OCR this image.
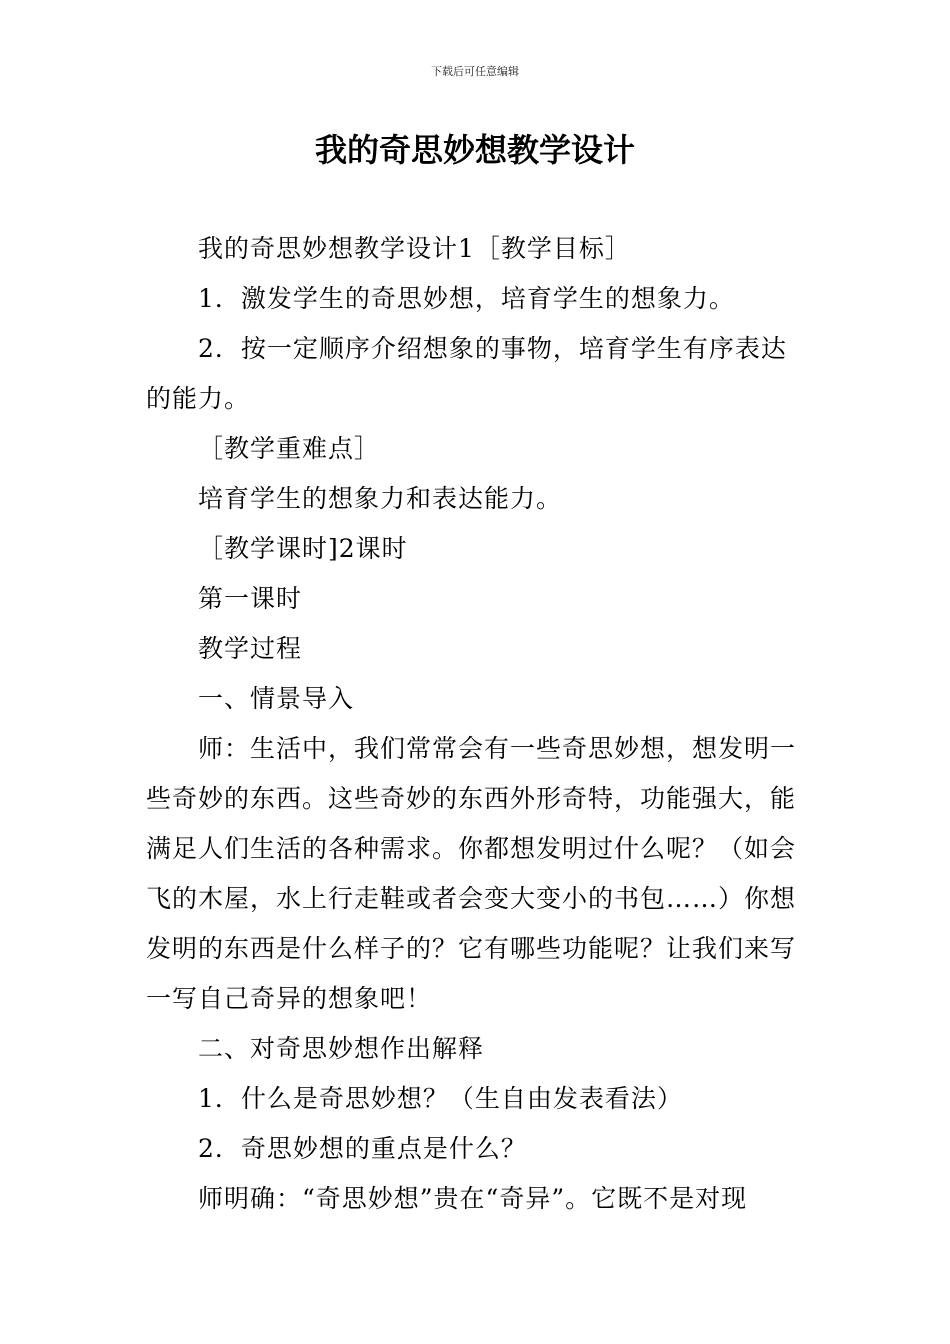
下载后可任意编辑
我的奇思妙想教学设计

我的奇思妙想教学设计1［教学目标］

1．激发学生的奇思妙想，培育学生的想象力。

2．按一定顺序介绍想象的事物，培育学生有序表达的能力。

［教学重难点］

培育学生的想象力和表达能力。

［教学课时]2课时

第一课时

教学过程

一、情景导入

师：生活中，我们常常会有一些奇思妙想，想发明一些奇妙的东西。这些奇妙的东西外形奇特，功能强大，能满足人们生活的各种需求。你都想发明过什么呢？（如会飞的木屋，水上行走鞋或者会变大变小的书包……）你想发明的东西是什么样子的？它有哪些功能呢？让我们来写一写自己奇异的想象吧！

二、对奇思妙想作出解释

1．什么是奇思妙想？（生自由发表看法）

2．奇思妙想的重点是什么？

师明确：“奇思妙想”贵在“奇异”。它既不是对现
